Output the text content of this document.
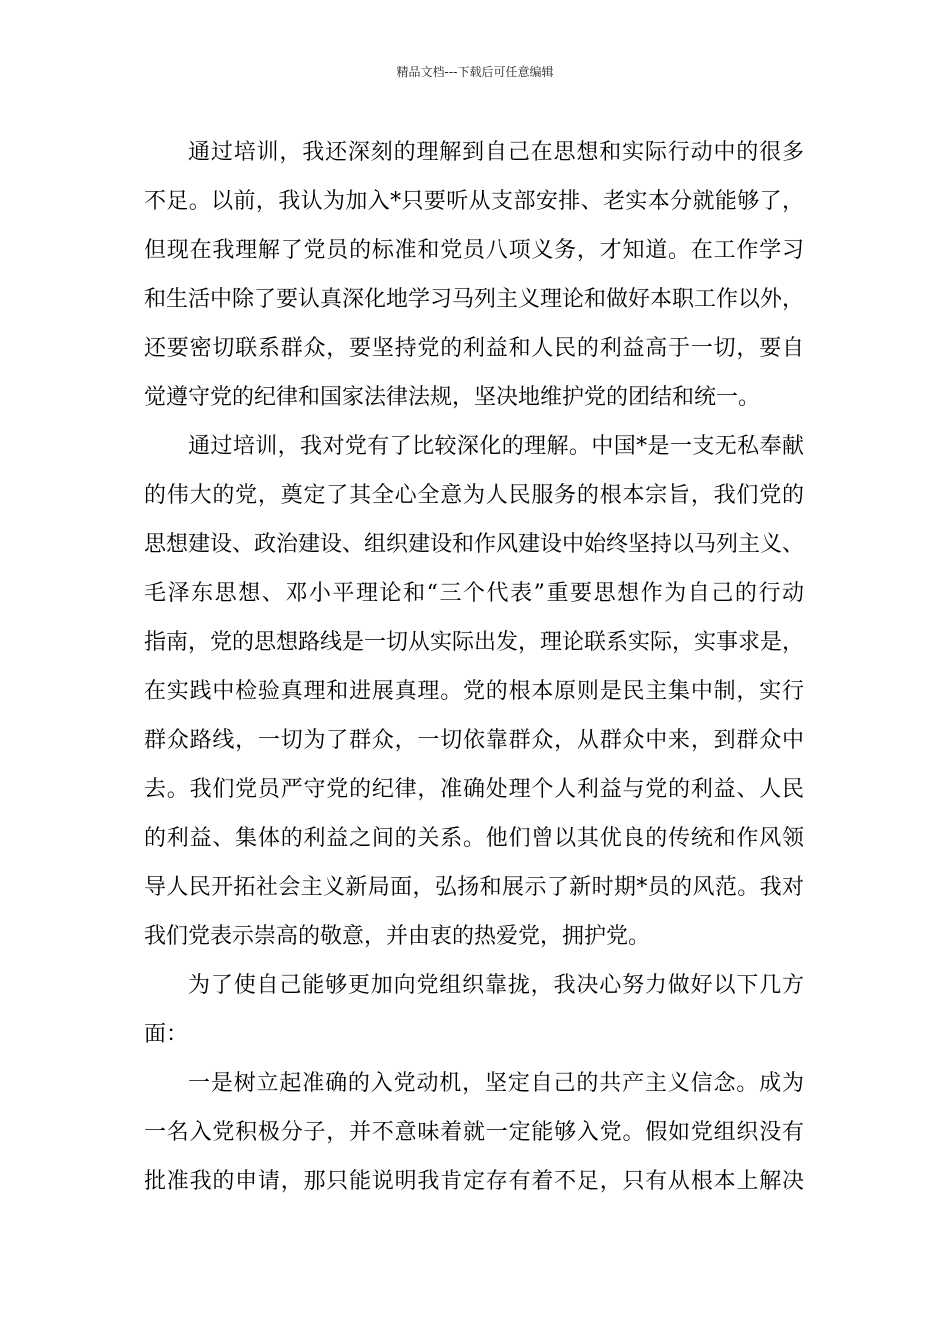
精品文档---下载后可任意编辑
通过培训，我还深刻的理解到自己在思想和实际行动中的很多
不足。以前，我认为加入*只要听从支部安排、老实本分就能够了，
但现在我理解了党员的标准和党员八项义务，才知道。在工作学习
和生活中除了要认真深化地学习马列主义理论和做好本职工作以外，
还要密切联系群众，要坚持党的利益和人民的利益高于一切，要自
觉遵守党的纪律和国家法律法规，坚决地维护党的团结和统一。
通过培训，我对党有了比较深化的理解。中国*是一支无私奉献
的伟大的党，奠定了其全心全意为人民服务的根本宗旨，我们党的
思想建设、政治建设、组织建设和作风建设中始终坚持以马列主义、
毛泽东思想、邓小平理论和“三个代表”重要思想作为自己的行动
指南，党的思想路线是一切从实际出发，理论联系实际，实事求是，
在实践中检验真理和进展真理。党的根本原则是民主集中制，实行
群众路线，一切为了群众，一切依靠群众，从群众中来，到群众中
去。我们党员严守党的纪律，准确处理个人利益与党的利益、人民
的利益、集体的利益之间的关系。他们曾以其优良的传统和作风领
导人民开拓社会主义新局面，弘扬和展示了新时期*员的风范。我对
我们党表示崇高的敬意，并由衷的热爱党，拥护党。
为了使自己能够更加向党组织靠拢，我决心努力做好以下几方
面：
一是树立起准确的入党动机，坚定自己的共产主义信念。成为
一名入党积极分子，并不意味着就一定能够入党。假如党组织没有
批准我的申请，那只能说明我肯定存有着不足，只有从根本上解决
